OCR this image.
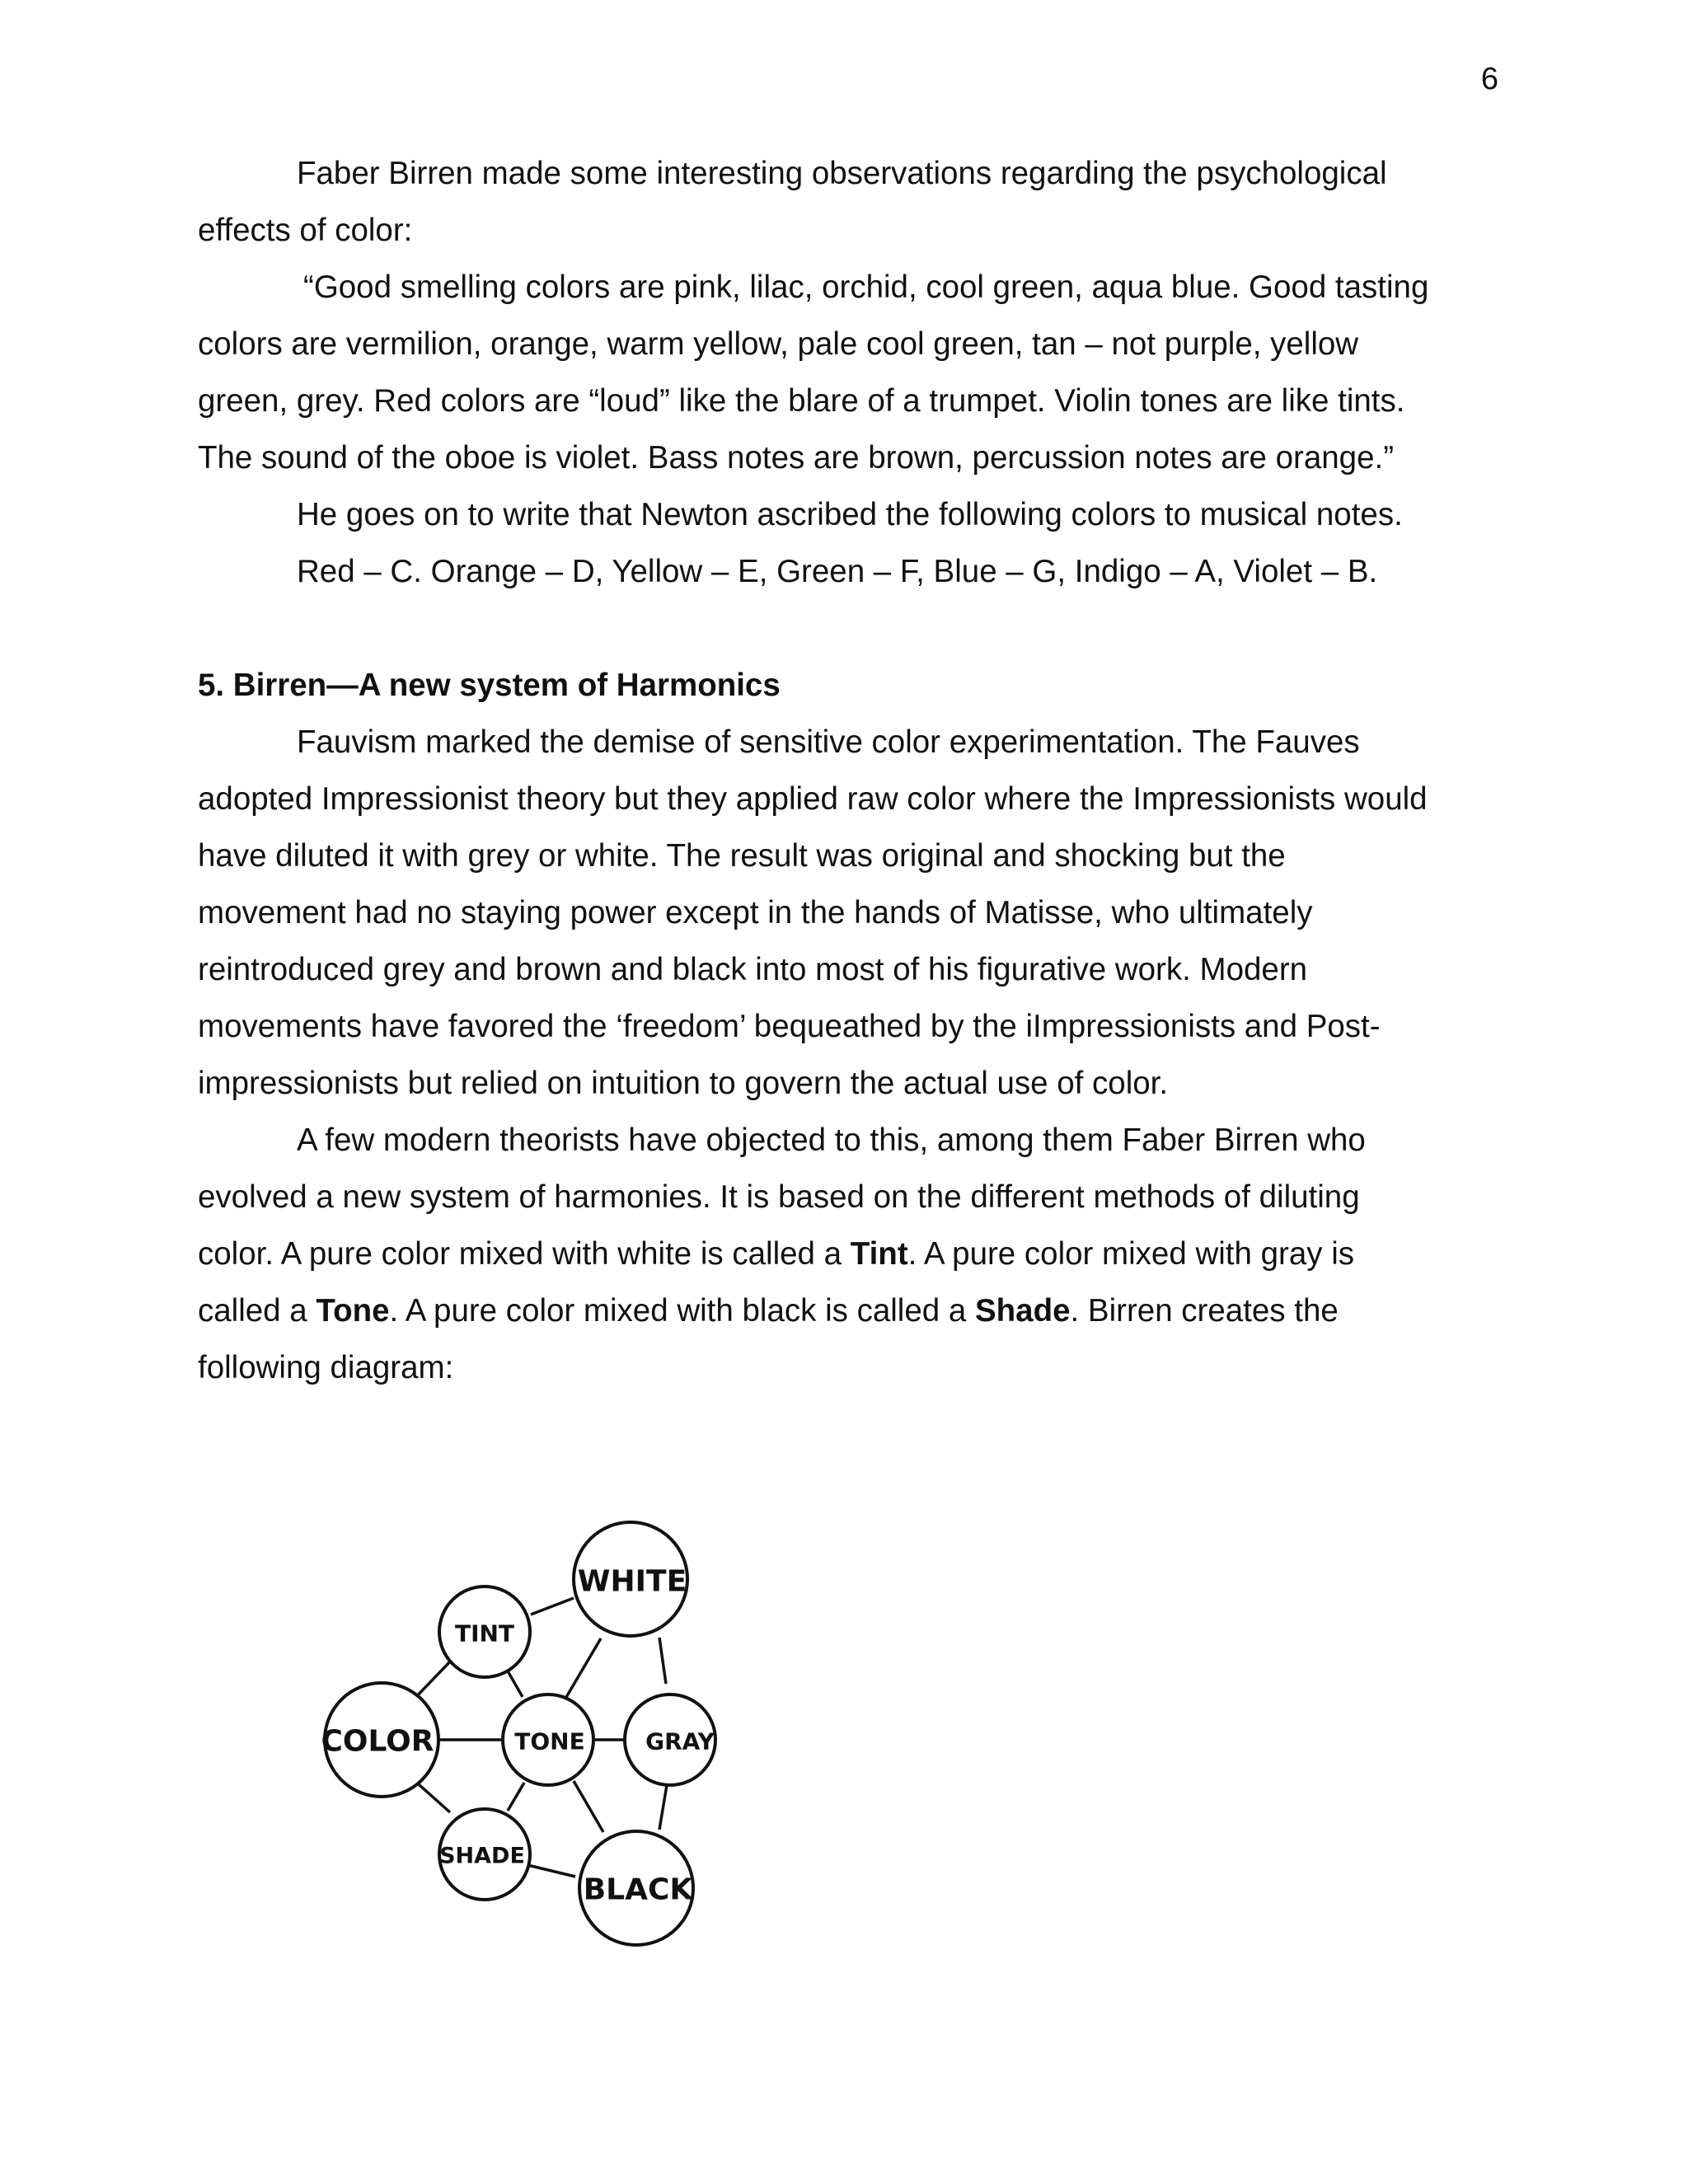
6

Faber Birren made some interesting observations regarding the psychological
effects of color:

“Good smelling colors are pink, lilac, orchid, cool green, aqua blue. Good tasting
colors are vermilion, orange, warm yellow, pale cool green, tan – not purple, yellow
green, grey. Red colors are “loud” like the blare of a trumpet. Violin tones are like tints.
The sound of the oboe is violet. Bass notes are brown, percussion notes are orange.”

He goes on to write that Newton ascribed the following colors to musical notes.

Red – C. Orange – D, Yellow – E, Green – F, Blue – G, Indigo – A, Violet – B.

5. Birren—A new system of Harmonics

Fauvism marked the demise of sensitive color experimentation. The Fauves
adopted Impressionist theory but they applied raw color where the Impressionists would
have diluted it with grey or white. The result was original and shocking but the
movement had no staying power except in the hands of Matisse, who ultimately
reintroduced grey and brown and black into most of his figurative work. Modern
movements have favored the ‘freedom’ bequeathed by the iImpressionists and Post-
impressionists but relied on intuition to govern the actual use of color.

A few modern theorists have objected to this, among them Faber Birren who
evolved a new system of harmonies. It is based on the different methods of diluting
color. A pure color mixed with white is called a Tint. A pure color mixed with gray is
called a Tone. A pure color mixed with black is called a Shade. Birren creates the
following diagram:

WHITE
TINT
COLOR	TONE	GRAY
SHADE
BLACK
